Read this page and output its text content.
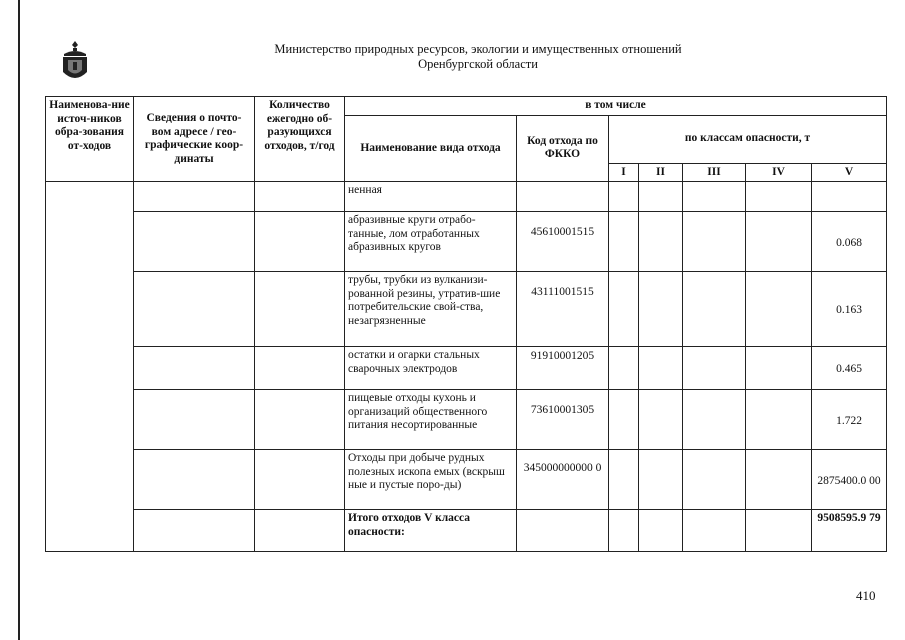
Министерство природных ресурсов, экологии и имущественных отношений
Оренбургской области
Наименова-ние источ-ников обра-зования от-ходов	Сведения о почто-вом адресе / гео-графические коор-динаты	Количество ежегодно об-разующихся отходов, т/год	в том числе						
			Наименование вида отхода	Код отхода по ФККО	по классам опасности, т				
					I	II	III	IV	V
			ненная						
			абразивные круги отрабо-танные, лом отработанных абразивных кругов	45610001515					0.068
			трубы, трубки из вулканизи-рованной резины, утратив-шие потребительские свой-ства, незагрязненные	43111001515					0.163
			остатки и огарки стальных сварочных электродов	91910001205					0.465
			пищевые отходы кухонь и организаций общественного питания несортированные	73610001305					1.722
			Отходы при добыче рудных полезных ископа емых (вскрыш ные и пустые поро-ды)	345000000000 0					2875400.0 00
			Итого отходов V класса опасности:						9508595.9 79
410
